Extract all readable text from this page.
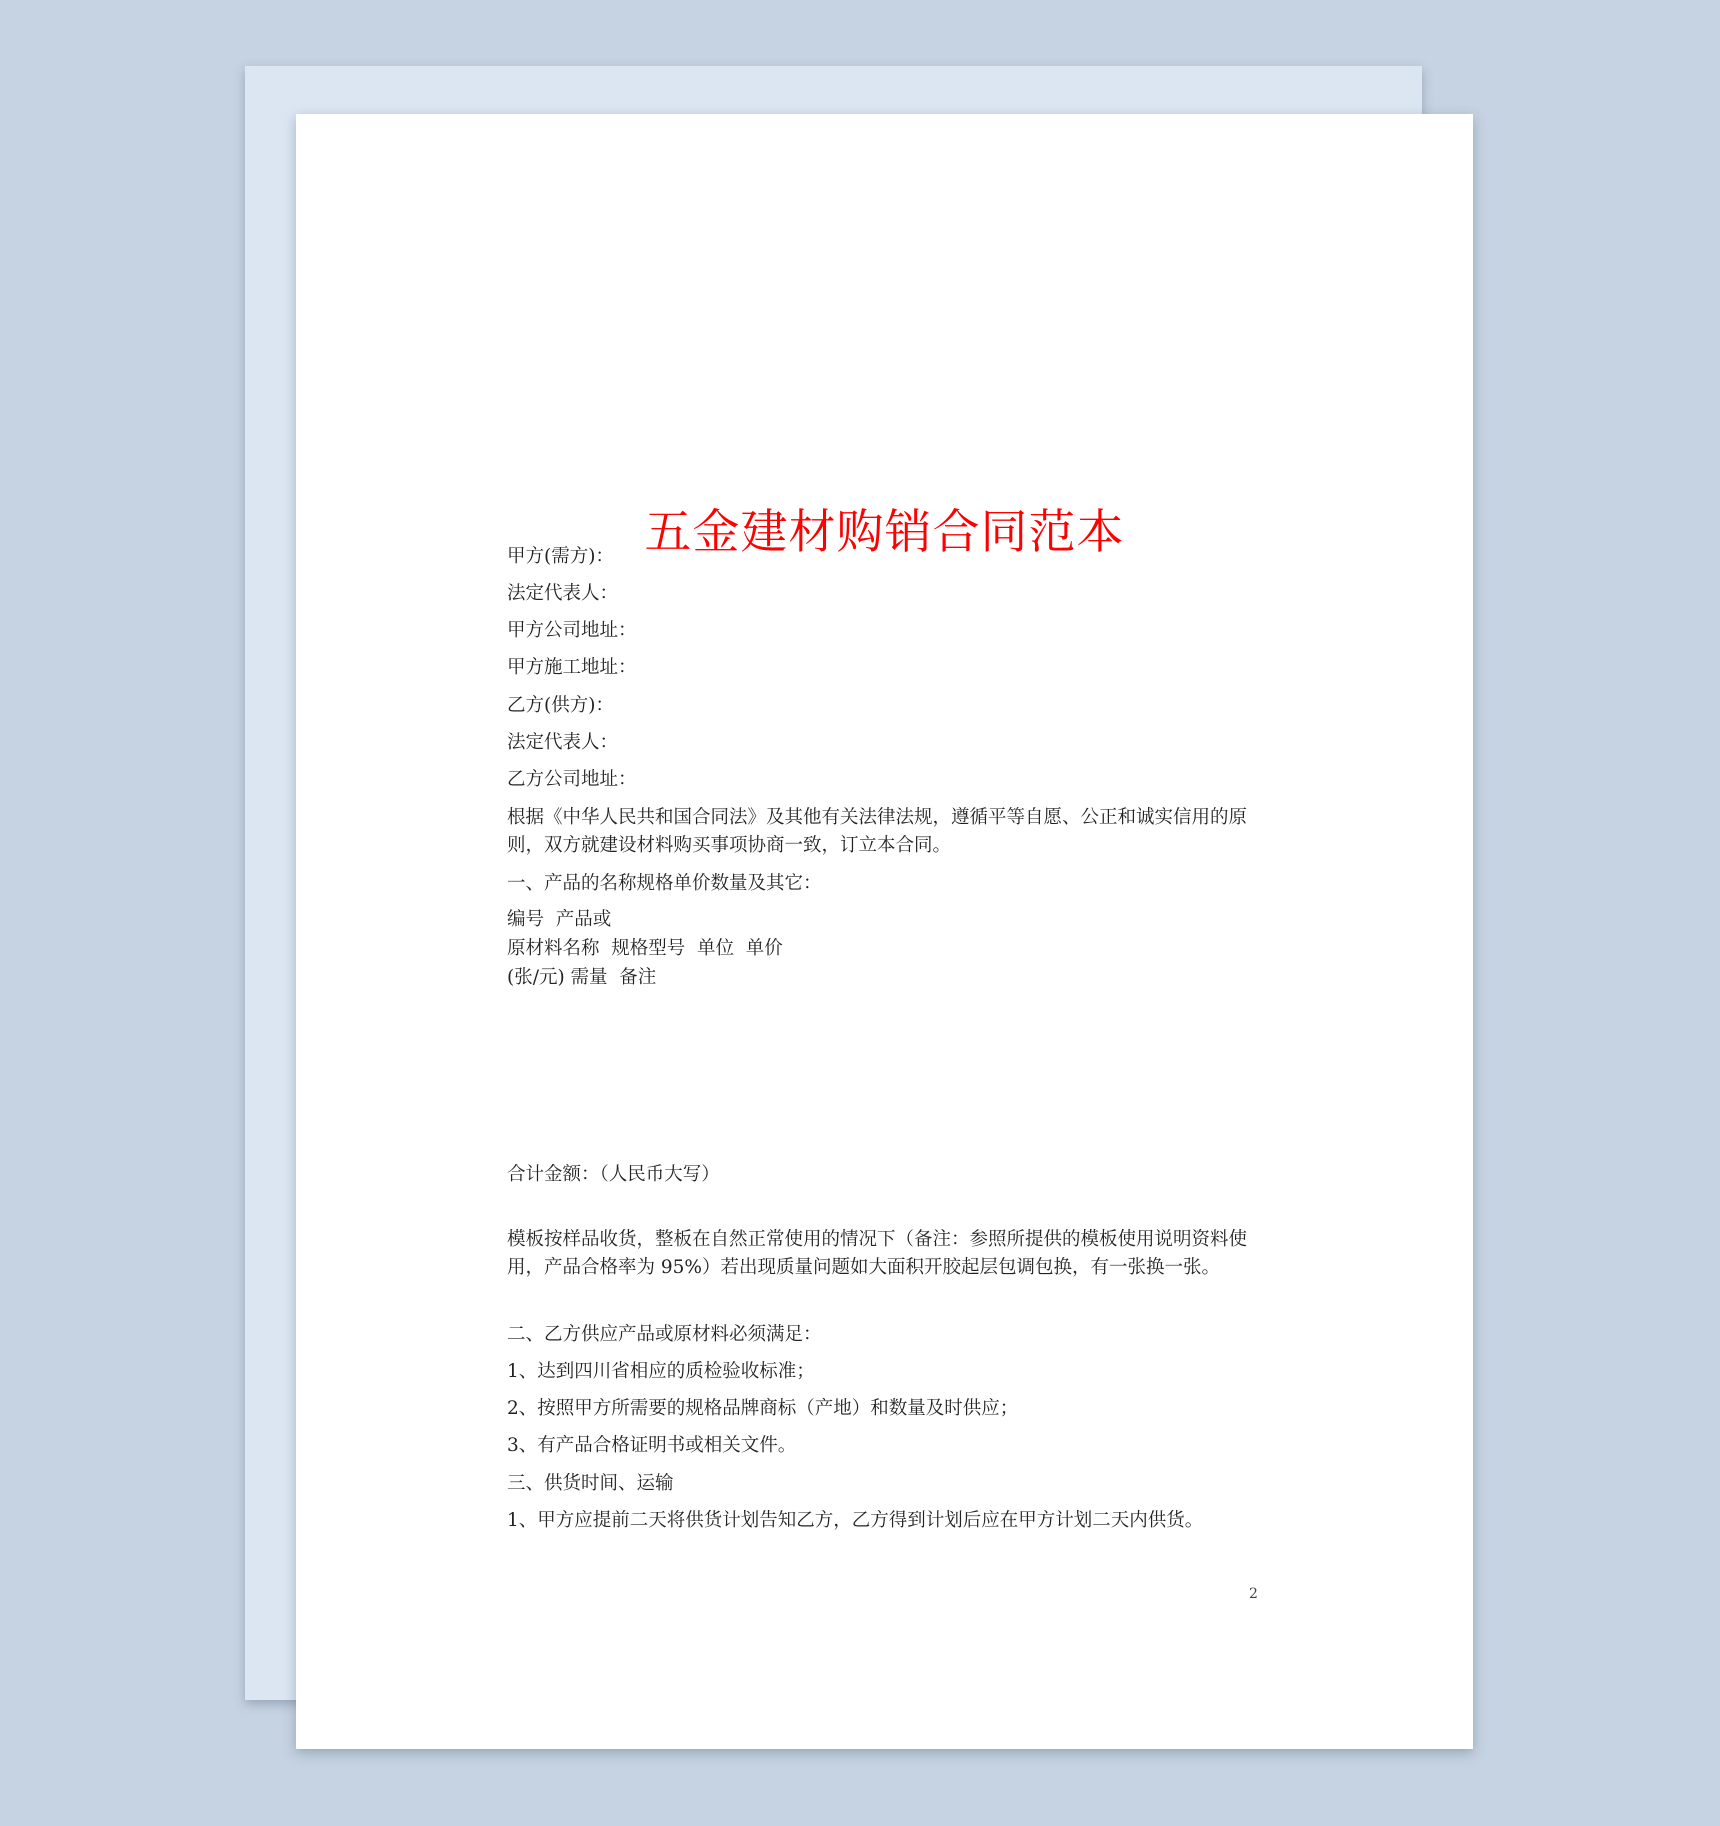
五金建材购销合同范本

甲方(需方)：

法定代表人：

甲方公司地址：

甲方施工地址：

乙方(供方)：

法定代表人：

乙方公司地址：

根据《中华人民共和国合同法》及其他有关法律法规，遵循平等自愿、公正和诚实信用的原则，双方就建设材料购买事项协商一致，订立本合同。

一、产品的名称规格单价数量及其它：

编号  产品或

原材料名称  规格型号  单位  单价

(张/元) 需量  备注

合计金额：（人民币大写）

模板按样品收货，整板在自然正常使用的情况下（备注：参照所提供的模板使用说明资料使用，产品合格率为 95%）若出现质量问题如大面积开胶起层包调包换，有一张换一张。

二、乙方供应产品或原材料必须满足：

1、达到四川省相应的质检验收标准；

2、按照甲方所需要的规格品牌商标（产地）和数量及时供应；

3、有产品合格证明书或相关文件。

三、供货时间、运输

1、甲方应提前二天将供货计划告知乙方，乙方得到计划后应在甲方计划二天内供货。

2
